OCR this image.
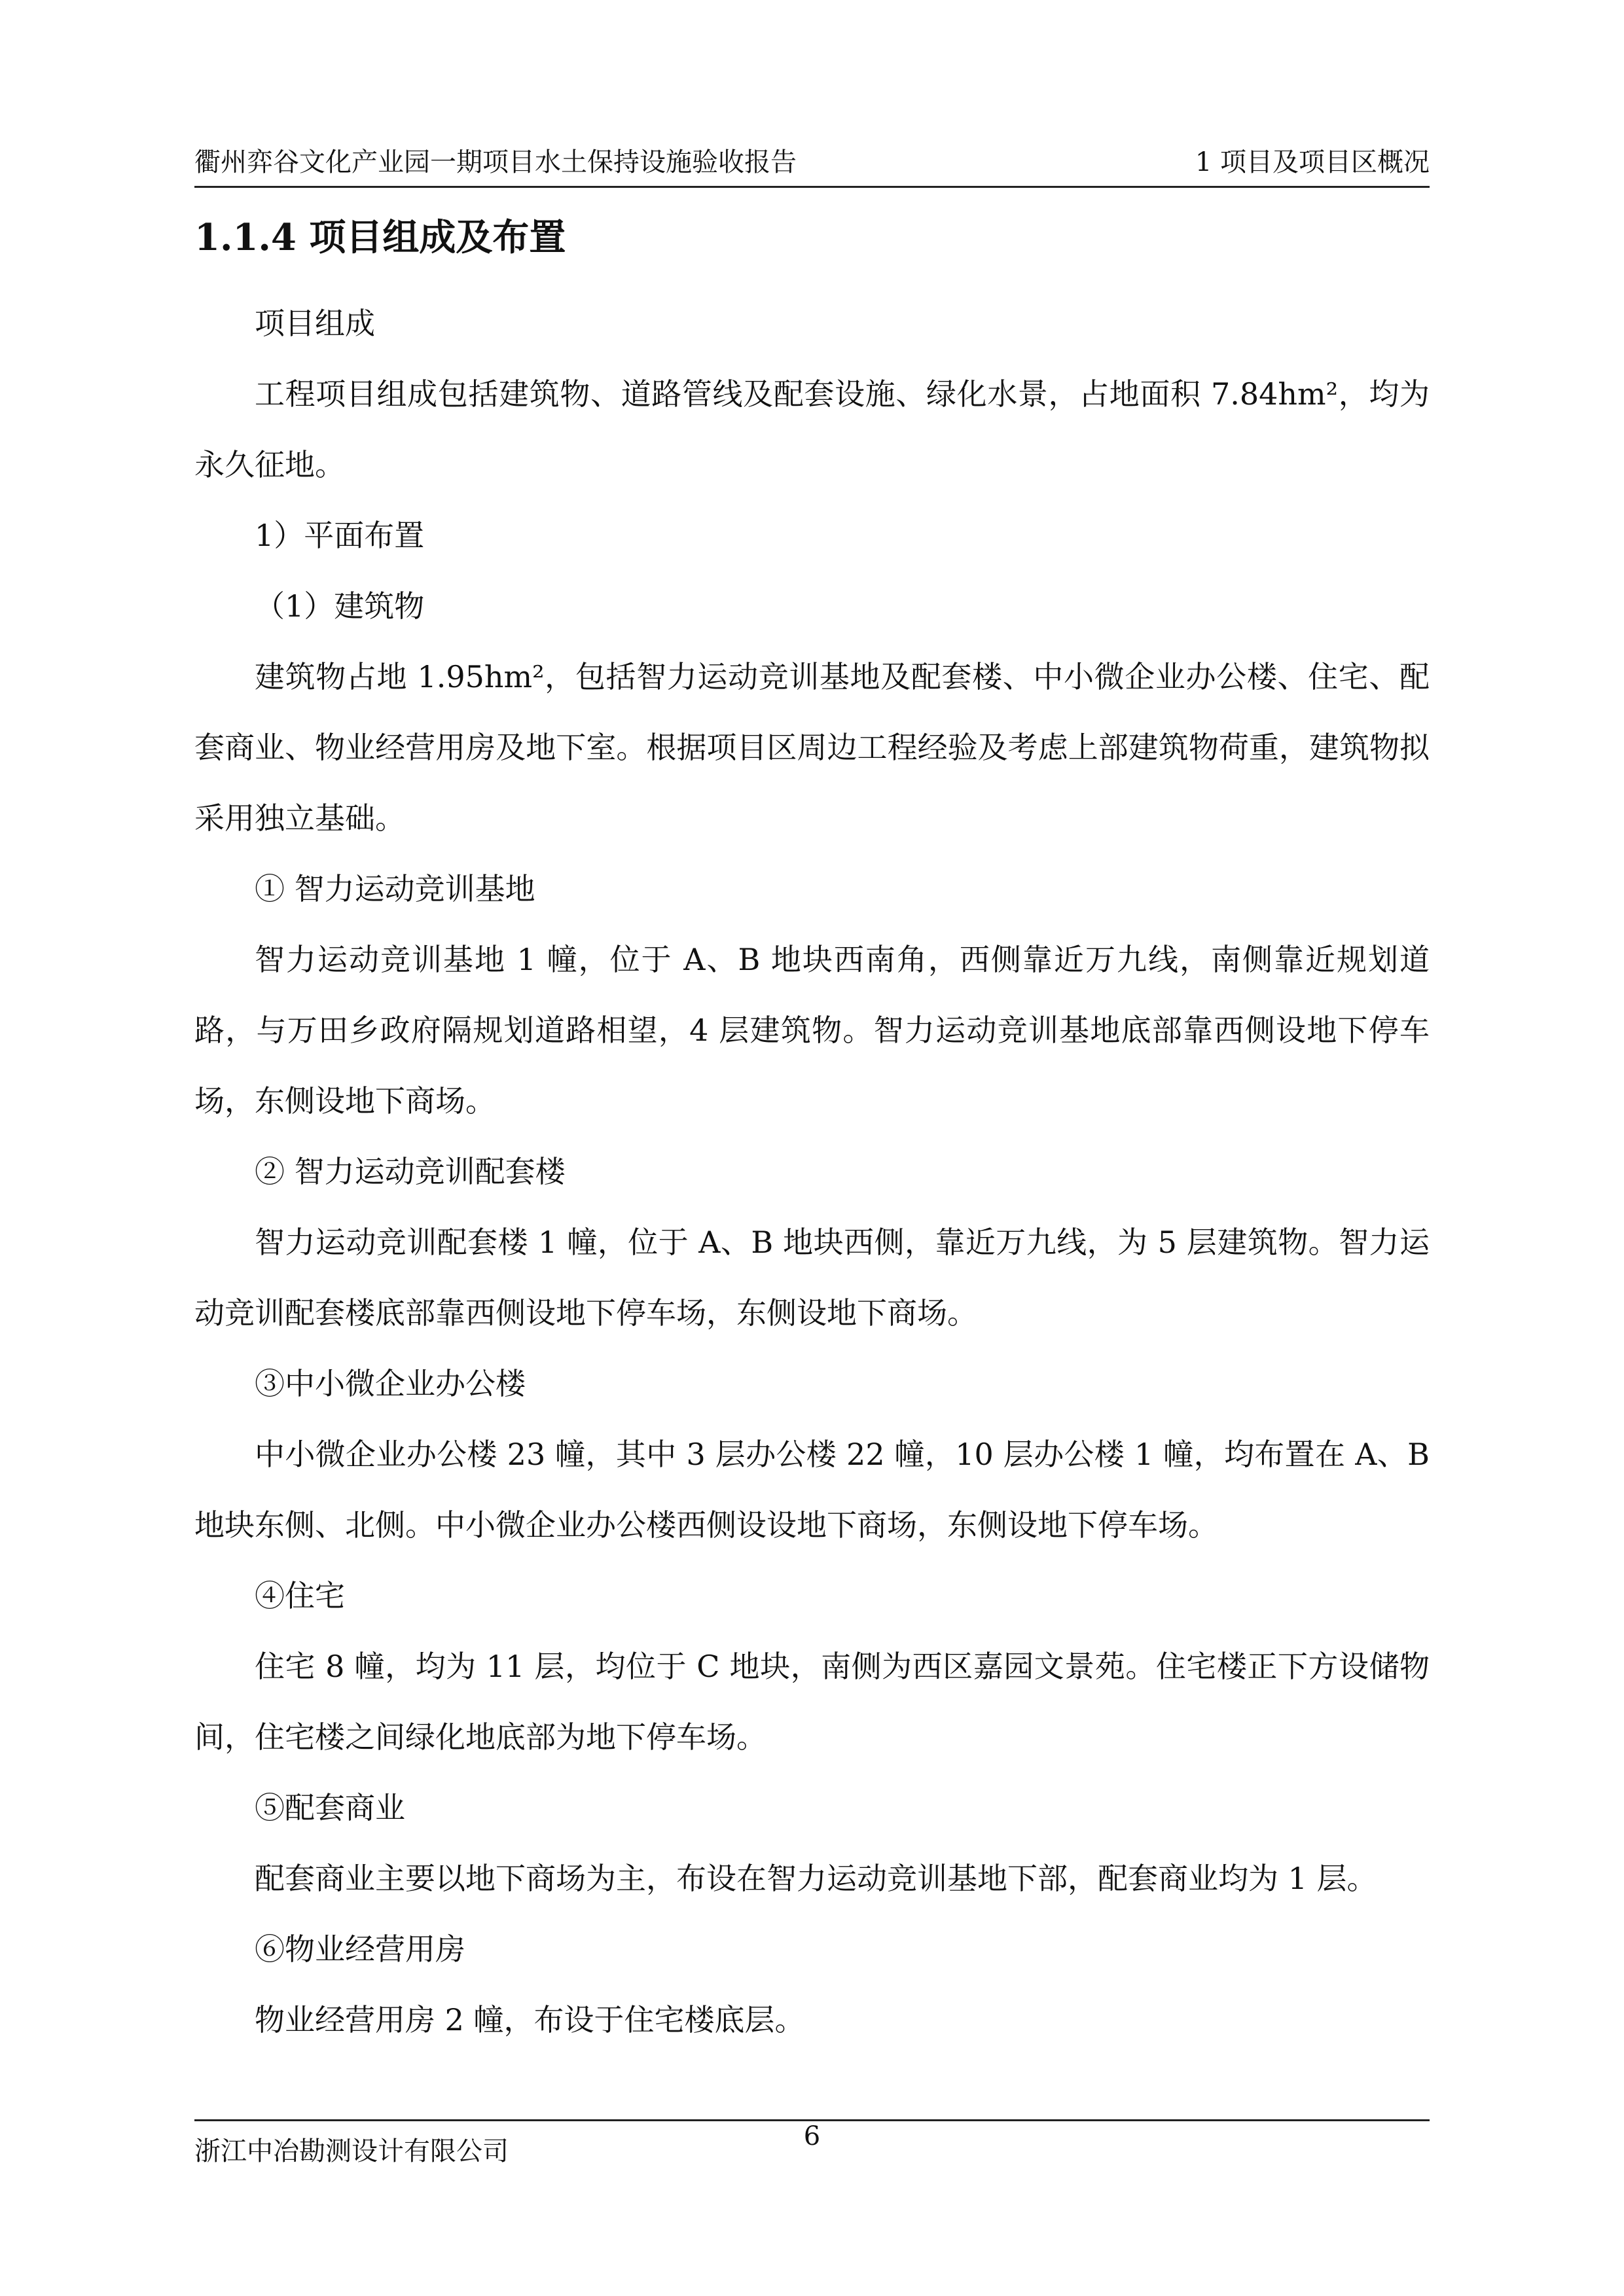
衢州弈谷文化产业园一期项目水土保持设施验收报告	1 项目及项目区概况
1.1.4 项目组成及布置

项目组成

工程项目组成包括建筑物、道路管线及配套设施、绿化水景，占地面积 7.84hm²，均为永久征地。

1）平面布置

（1）建筑物

建筑物占地 1.95hm²，包括智力运动竞训基地及配套楼、中小微企业办公楼、住宅、配套商业、物业经营用房及地下室。根据项目区周边工程经验及考虑上部建筑物荷重，建筑物拟采用独立基础。

① 智力运动竞训基地

智力运动竞训基地 1 幢，位于 A、B 地块西南角，西侧靠近万九线，南侧靠近规划道路，与万田乡政府隔规划道路相望，4 层建筑物。智力运动竞训基地底部靠西侧设地下停车场，东侧设地下商场。

② 智力运动竞训配套楼

智力运动竞训配套楼 1 幢，位于 A、B 地块西侧，靠近万九线，为 5 层建筑物。智力运动竞训配套楼底部靠西侧设地下停车场，东侧设地下商场。

③中小微企业办公楼

中小微企业办公楼 23 幢，其中 3 层办公楼 22 幢，10 层办公楼 1 幢，均布置在 A、B 地块东侧、北侧。中小微企业办公楼西侧设设地下商场，东侧设地下停车场。

④住宅

住宅 8 幢，均为 11 层，均位于 C 地块，南侧为西区嘉园文景苑。住宅楼正下方设储物间，住宅楼之间绿化地底部为地下停车场。

⑤配套商业

配套商业主要以地下商场为主，布设在智力运动竞训基地下部，配套商业均为 1 层。

⑥物业经营用房

物业经营用房 2 幢，布设于住宅楼底层。

浙江中冶勘测设计有限公司	6
